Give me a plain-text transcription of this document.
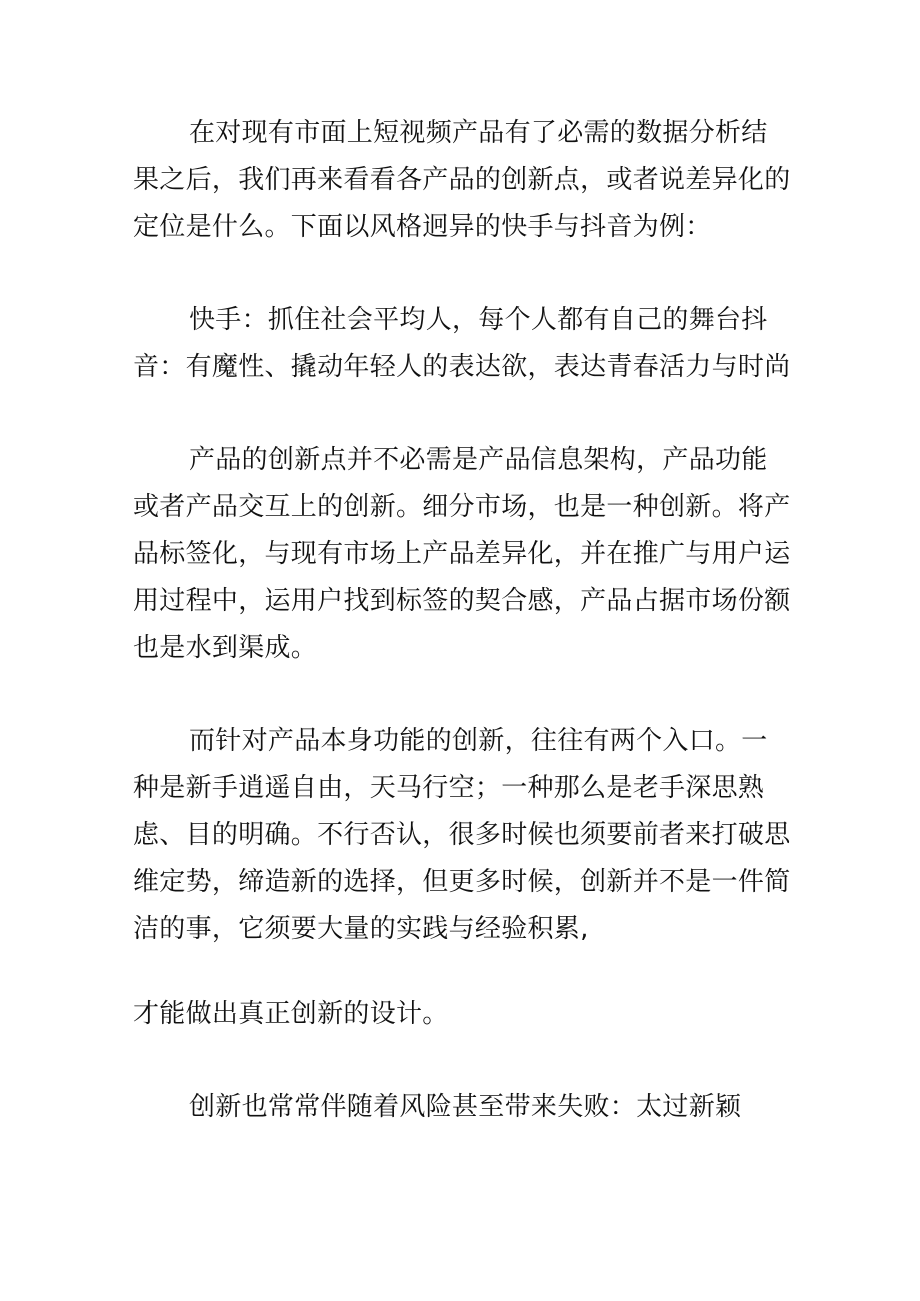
在对现有市面上短视频产品有了必需的数据分析结果之后，我们再来看看各产品的创新点，或者说差异化的定位是什么。下面以风格迥异的快手与抖音为例：

快手：抓住社会平均人，每个人都有自己的舞台抖音：有魔性、撬动年轻人的表达欲，表达青春活力与时尚

产品的创新点并不必需是产品信息架构，产品功能或者产品交互上的创新。细分市场，也是一种创新。将产品标签化，与现有市场上产品差异化，并在推广与用户运用过程中，运用户找到标签的契合感，产品占据市场份额也是水到渠成。

而针对产品本身功能的创新，往往有两个入口。一种是新手逍遥自由，天马行空；一种那么是老手深思熟虑、目的明确。不行否认，很多时候也须要前者来打破思维定势，缔造新的选择，但更多时候，创新并不是一件简洁的事，它须要大量的实践与经验积累,

才能做出真正创新的设计。

创新也常常伴随着风险甚至带来失败：太过新颖
